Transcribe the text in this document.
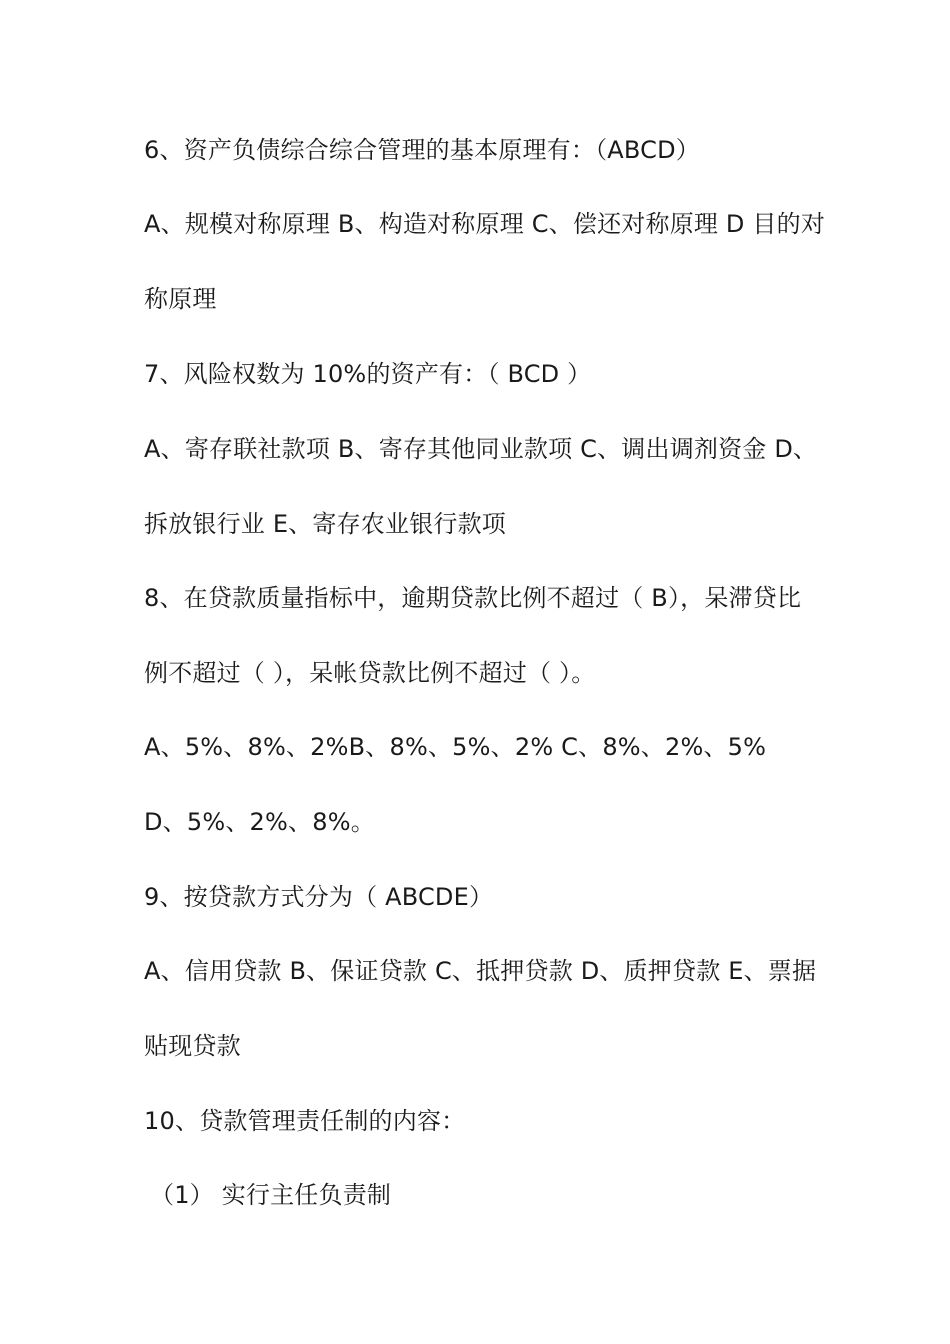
6、资产负债综合综合管理的基本原理有：（ABCD）
A、规模对称原理 B、构造对称原理 C、偿还对称原理 D 目的对
称原理
7、风险权数为 10%的资产有：（ BCD ）
A、寄存联社款项 B、寄存其他同业款项 C、调出调剂资金 D、
拆放银行业 E、寄存农业银行款项
8、在贷款质量指标中，逾期贷款比例不超过（ B），呆滞贷比
例不超过（ ），呆帐贷款比例不超过（ ）。
A、5%、8%、2%B、8%、5%、2% C、8%、2%、5%
D、5%、2%、8%。
9、按贷款方式分为（ ABCDE）
A、信用贷款 B、保证贷款 C、抵押贷款 D、质押贷款 E、票据
贴现贷款
10、贷款管理责任制的内容：
（1） 实行主任负责制
